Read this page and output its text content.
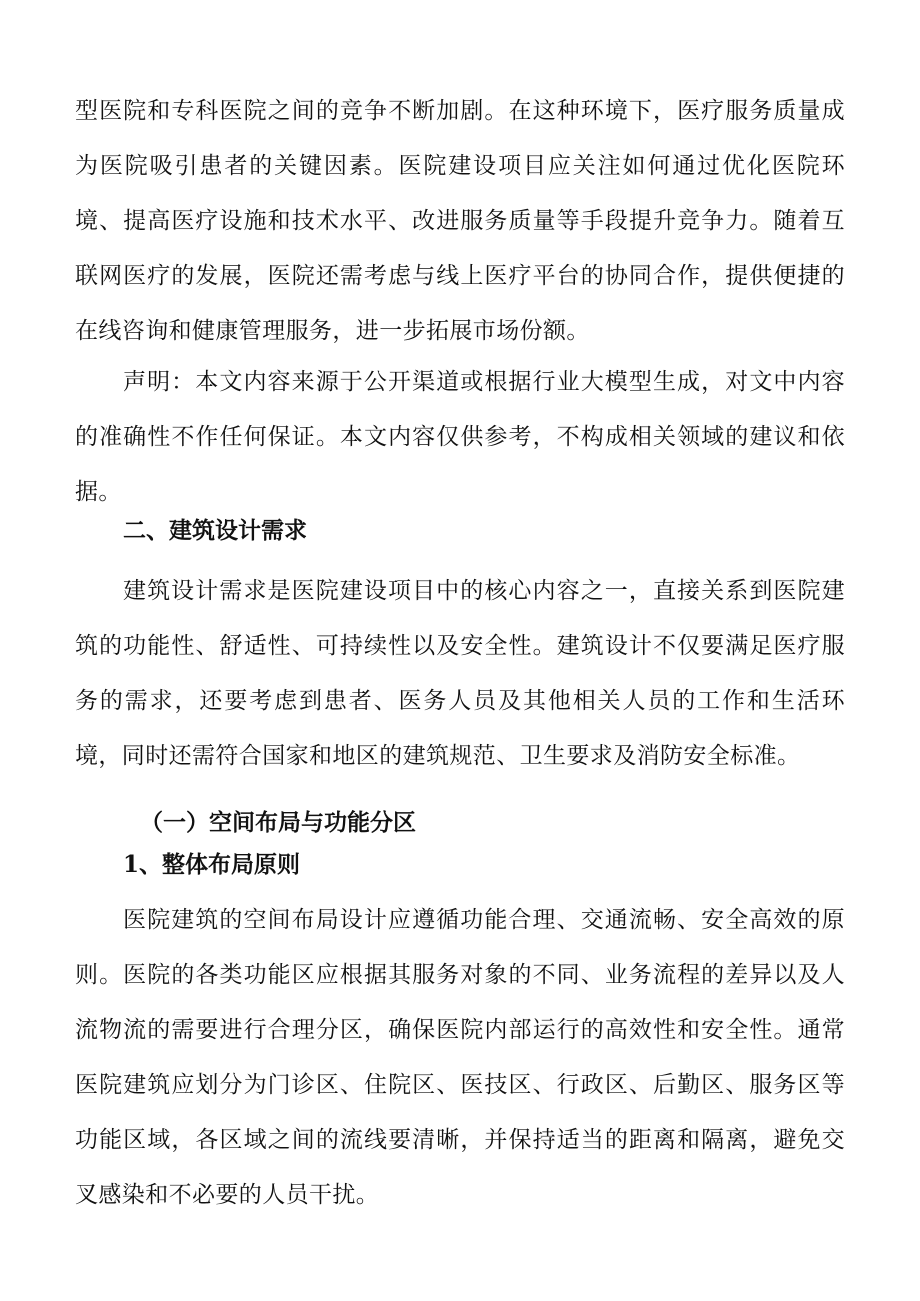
型医院和专科医院之间的竞争不断加剧。在这种环境下，医疗服务质量成为医院吸引患者的关键因素。医院建设项目应关注如何通过优化医院环境、提高医疗设施和技术水平、改进服务质量等手段提升竞争力。随着互联网医疗的发展，医院还需考虑与线上医疗平台的协同合作，提供便捷的在线咨询和健康管理服务，进一步拓展市场份额。

声明：本文内容来源于公开渠道或根据行业大模型生成，对文中内容的准确性不作任何保证。本文内容仅供参考，不构成相关领域的建议和依据。

二、建筑设计需求

建筑设计需求是医院建设项目中的核心内容之一，直接关系到医院建筑的功能性、舒适性、可持续性以及安全性。建筑设计不仅要满足医疗服务的需求，还要考虑到患者、医务人员及其他相关人员的工作和生活环境，同时还需符合国家和地区的建筑规范、卫生要求及消防安全标准。

（一）空间布局与功能分区
1、整体布局原则

医院建筑的空间布局设计应遵循功能合理、交通流畅、安全高效的原则。医院的各类功能区应根据其服务对象的不同、业务流程的差异以及人流物流的需要进行合理分区，确保医院内部运行的高效性和安全性。通常医院建筑应划分为门诊区、住院区、医技区、行政区、后勤区、服务区等功能区域，各区域之间的流线要清晰，并保持适当的距离和隔离，避免交叉感染和不必要的人员干扰。
